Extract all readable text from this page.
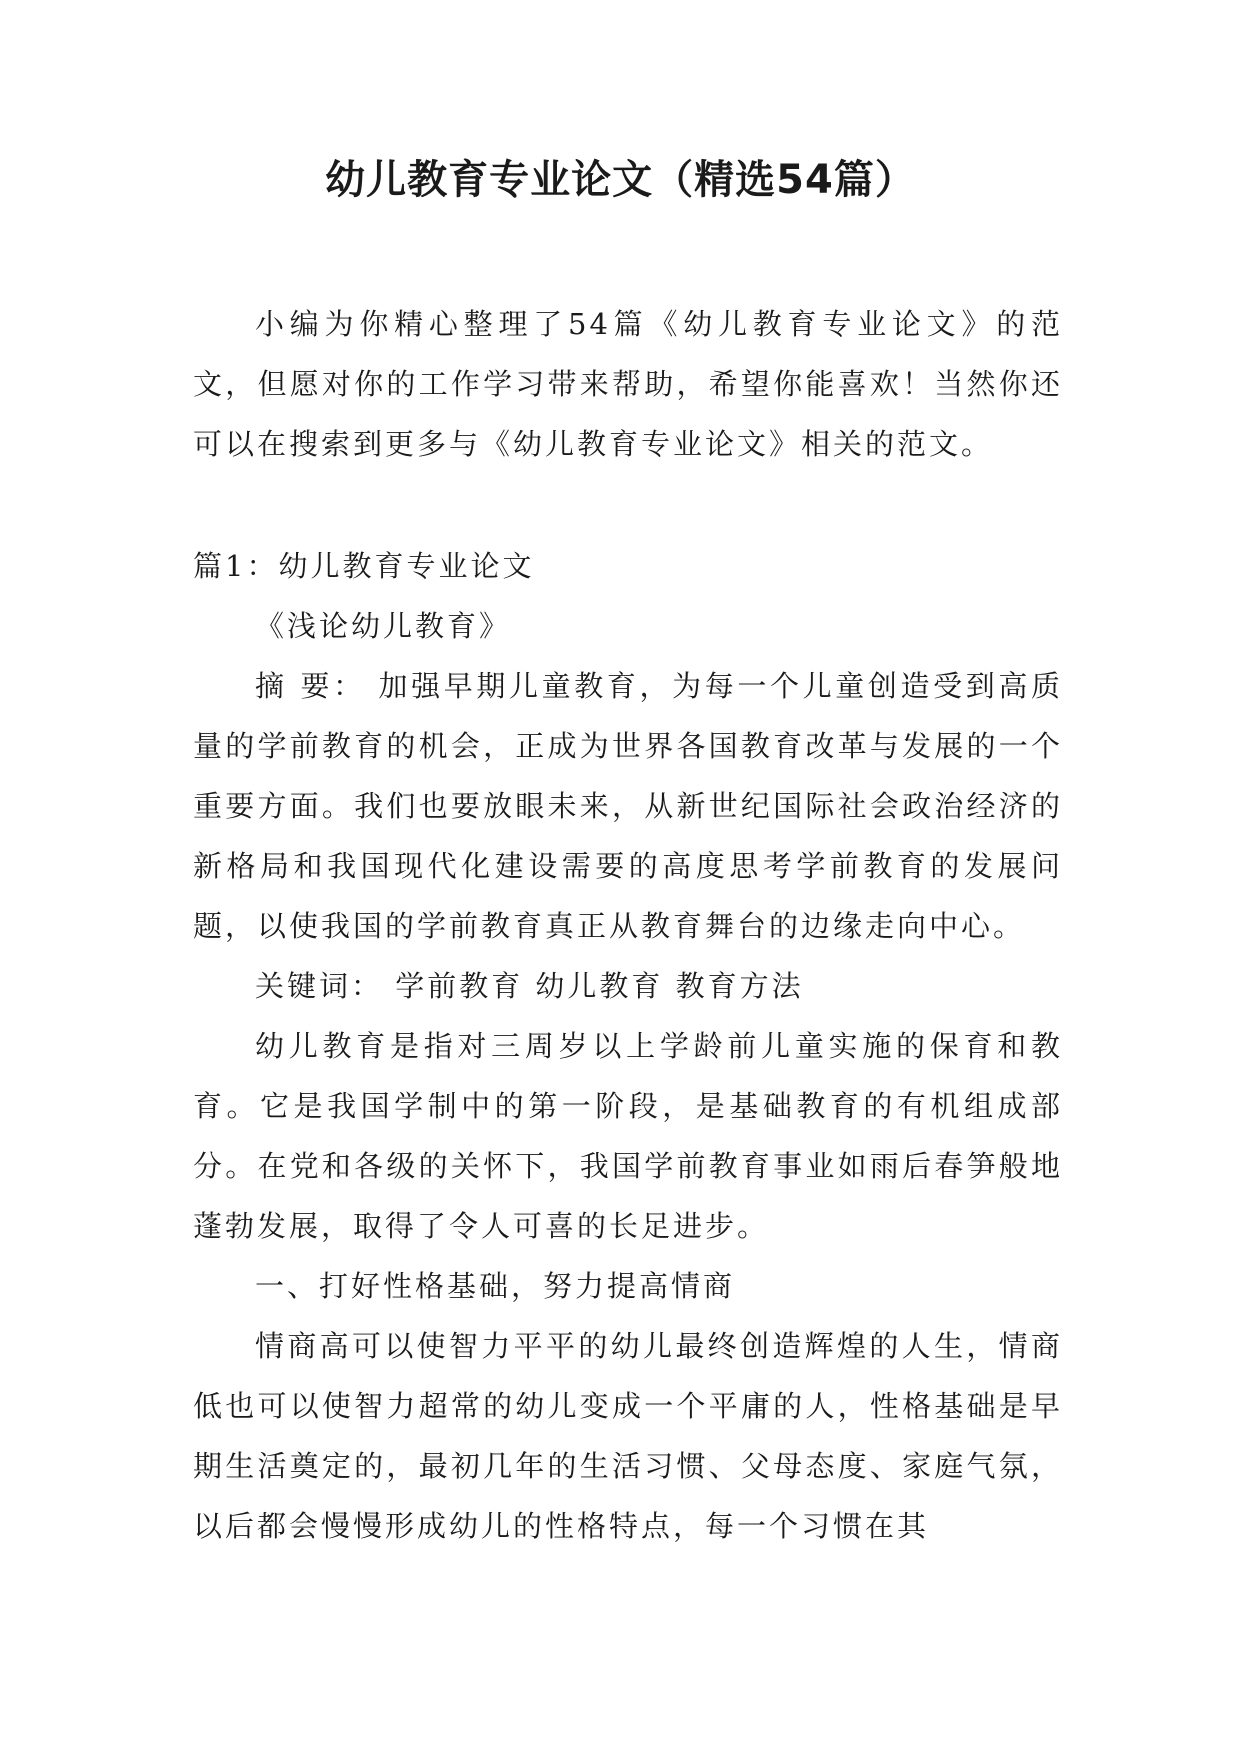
幼儿教育专业论文（精选54篇）

小编为你精心整理了54篇《幼儿教育专业论文》的范文，但愿对你的工作学习带来帮助，希望你能喜欢！当然你还可以在搜索到更多与《幼儿教育专业论文》相关的范文。

篇1：幼儿教育专业论文

《浅论幼儿教育》

摘 要： 加强早期儿童教育，为每一个儿童创造受到高质量的学前教育的机会，正成为世界各国教育改革与发展的一个重要方面。我们也要放眼未来，从新世纪国际社会政治经济的新格局和我国现代化建设需要的高度思考学前教育的发展问题，以使我国的学前教育真正从教育舞台的边缘走向中心。

关键词： 学前教育 幼儿教育 教育方法

幼儿教育是指对三周岁以上学龄前儿童实施的保育和教育。它是我国学制中的第一阶段，是基础教育的有机组成部分。在党和各级的关怀下，我国学前教育事业如雨后春笋般地蓬勃发展，取得了令人可喜的长足进步。

一、打好性格基础，努力提高情商

情商高可以使智力平平的幼儿最终创造辉煌的人生，情商低也可以使智力超常的幼儿变成一个平庸的人，性格基础是早期生活奠定的，最初几年的生活习惯、父母态度、家庭气氛，以后都会慢慢形成幼儿的性格特点，每一个习惯在其
